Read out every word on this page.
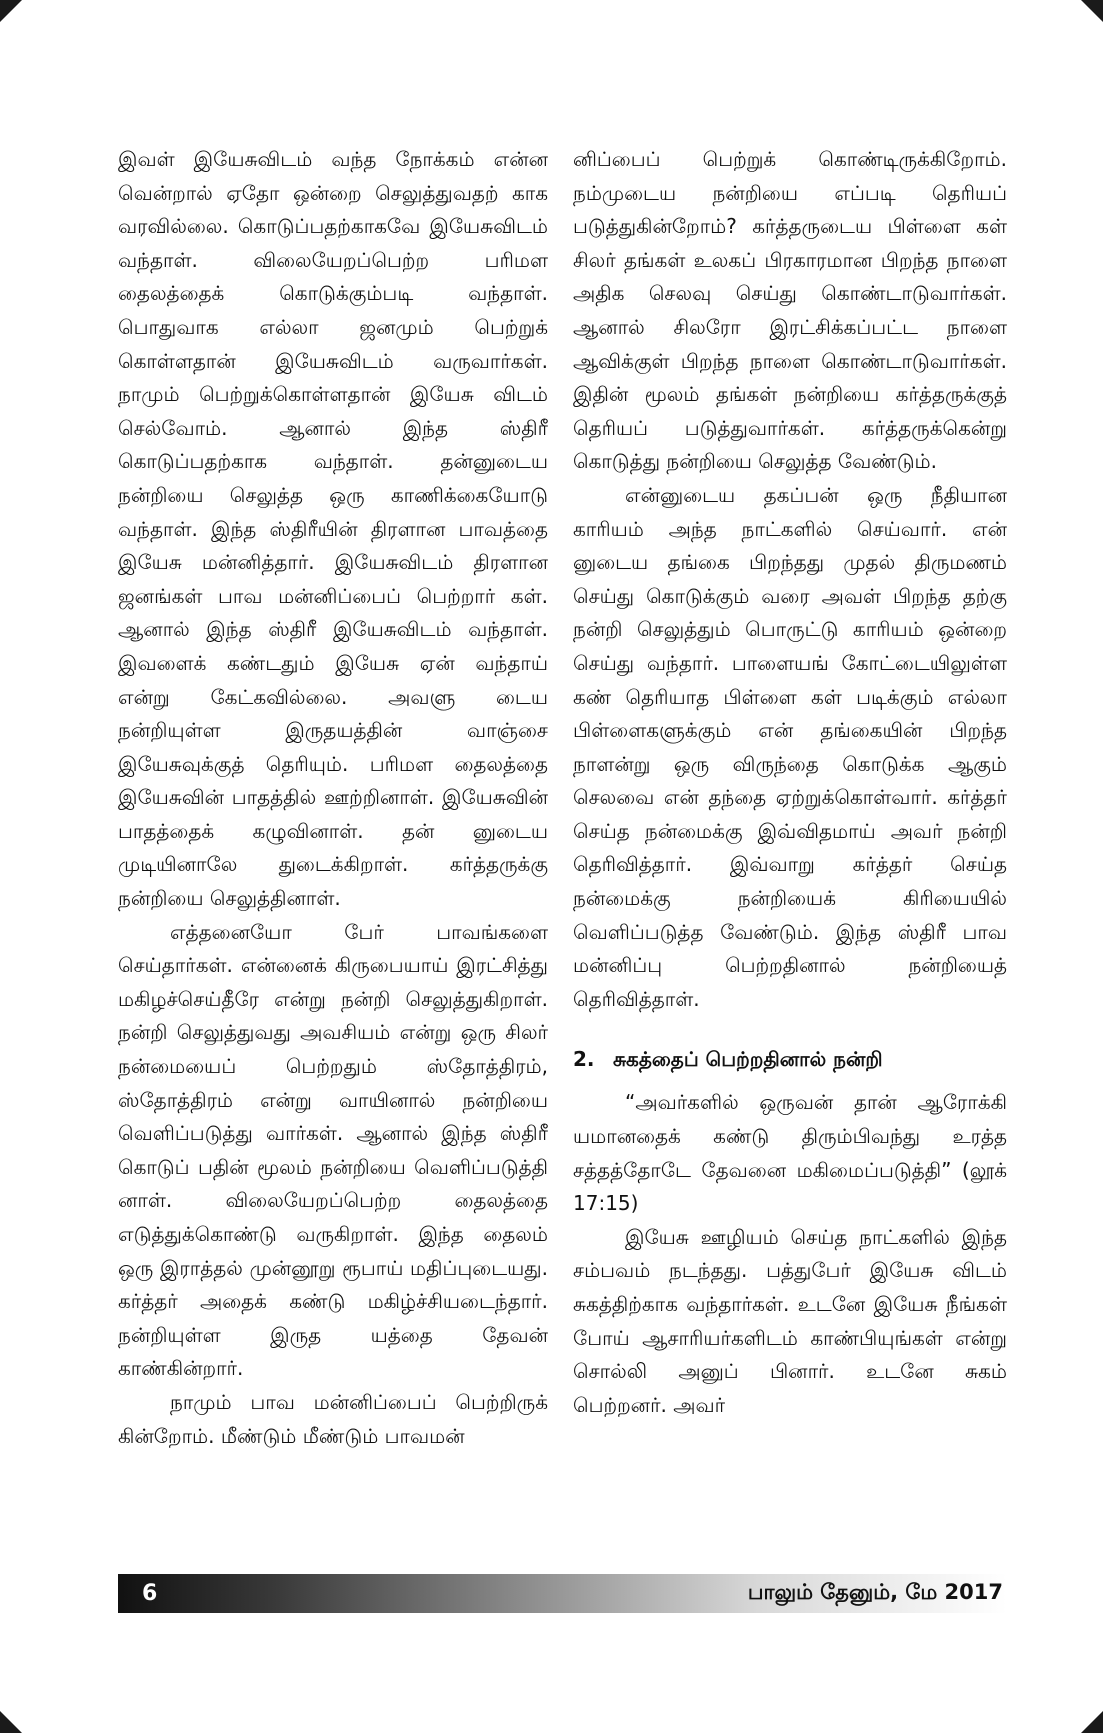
இவள் இயேசுவிடம் வந்த நோக்கம் என்ன வென்றால் ஏதோ ஒன்றை செலுத்துவதற் காக வரவில்லை. கொடுப்பதற்காகவே இயேசுவிடம் வந்தாள். விலையேறப்பெற்ற பரிமள தைலத்தைக் கொடுக்கும்படி வந்தாள். பொதுவாக எல்லா ஜனமும் பெற்றுக் கொள்ளதான் இயேசுவிடம் வருவார்கள். நாமும் பெற்றுக்கொள்ளதான் இயேசு விடம் செல்வோம். ஆனால் இந்த ஸ்திரீ கொடுப்பதற்காக வந்தாள். தன்னுடைய நன்றியை செலுத்த ஒரு காணிக்கையோடு வந்தாள். இந்த ஸ்திரீயின் திரளான பாவத்தை இயேசு மன்னித்தார். இயேசுவிடம் திரளான ஜனங்கள் பாவ மன்னிப்பைப் பெற்றார் கள். ஆனால் இந்த ஸ்திரீ இயேசுவிடம் வந்தாள். இவளைக் கண்டதும் இயேசு ஏன் வந்தாய் என்று கேட்கவில்லை. அவளு டைய நன்றியுள்ள இருதயத்தின் வாஞ்சை இயேசுவுக்குத் தெரியும். பரிமள தைலத்தை இயேசுவின் பாதத்தில் ஊற்றினாள். இயேசுவின் பாதத்தைக் கழுவினாள். தன் னுடைய முடியினாலே துடைக்கிறாள். கர்த்தருக்கு நன்றியை செலுத்தினாள்.

எத்தனையோ பேர் பாவங்களை செய்தார்கள். என்னைக் கிருபையாய் இரட்சித்து மகிழச்செய்தீரே என்று நன்றி செலுத்துகிறாள். நன்றி செலுத்துவது அவசியம் என்று ஒரு சிலர் நன்மையைப் பெற்றதும் ஸ்தோத்திரம், ஸ்தோத்திரம் என்று வாயினால் நன்றியை வெளிப்படுத்து வார்கள். ஆனால் இந்த ஸ்திரீ கொடுப் பதின் மூலம் நன்றியை வெளிப்படுத்தி னாள். விலையேறப்பெற்ற தைலத்தை எடுத்துக்கொண்டு வருகிறாள். இந்த தைலம் ஒரு இராத்தல் முன்னூறு ரூபாய் மதிப்புடையது. கர்த்தர் அதைக் கண்டு மகிழ்ச்சியடைந்தார். நன்றியுள்ள இருத யத்தை தேவன் காண்கின்றார்.

நாமும் பாவ மன்னிப்பைப் பெற்றிருக் கின்றோம். மீண்டும் மீண்டும் பாவமன்

னிப்பைப் பெற்றுக் கொண்டிருக்கிறோம். நம்முடைய நன்றியை எப்படி தெரியப் படுத்துகின்றோம்? கர்த்தருடைய பிள்ளை கள் சிலர் தங்கள் உலகப் பிரகாரமான பிறந்த நாளை அதிக செலவு செய்து கொண்டாடுவார்கள். ஆனால் சிலரோ இரட்சிக்கப்பட்ட நாளை ஆவிக்குள் பிறந்த நாளை கொண்டாடுவார்கள். இதின் மூலம் தங்கள் நன்றியை கர்த்தருக்குத் தெரியப் படுத்துவார்கள். கர்த்தருக்கென்று கொடுத்து நன்றியை செலுத்த வேண்டும்.

என்னுடைய தகப்பன் ஒரு நீதியான காரியம் அந்த நாட்களில் செய்வார். என் னுடைய தங்கை பிறந்தது முதல் திருமணம் செய்து கொடுக்கும் வரை அவள் பிறந்த தற்கு நன்றி செலுத்தும் பொருட்டு காரியம் ஒன்றை செய்து வந்தார். பாளையங் கோட்டையிலுள்ள கண் தெரியாத பிள்ளை கள் படிக்கும் எல்லா பிள்ளைகளுக்கும் என் தங்கையின் பிறந்த நாளன்று ஒரு விருந்தை கொடுக்க ஆகும் செலவை என் தந்தை ஏற்றுக்கொள்வார். கர்த்தர் செய்த நன்மைக்கு இவ்விதமாய் அவர் நன்றி தெரிவித்தார். இவ்வாறு கர்த்தர் செய்த நன்மைக்கு நன்றியைக் கிரியையில் வெளிப்படுத்த வேண்டும். இந்த ஸ்திரீ பாவ மன்னிப்பு பெற்றதினால் நன்றியைத் தெரிவித்தாள்.

2. சுகத்தைப் பெற்றதினால் நன்றி

“அவர்களில் ஒருவன் தான் ஆரோக்கி யமானதைக் கண்டு திரும்பிவந்து உரத்த சத்தத்தோடே தேவனை மகிமைப்படுத்தி” (லூக் 17:15)

இயேசு ஊழியம் செய்த நாட்களில் இந்த சம்பவம் நடந்தது. பத்துபேர் இயேசு விடம் சுகத்திற்காக வந்தார்கள். உடனே இயேசு நீங்கள் போய் ஆசாரியர்களிடம் காண்பியுங்கள் என்று சொல்லி அனுப் பினார். உடனே சுகம் பெற்றனர். அவர்

6	பாலும் தேனும், மே 2017
